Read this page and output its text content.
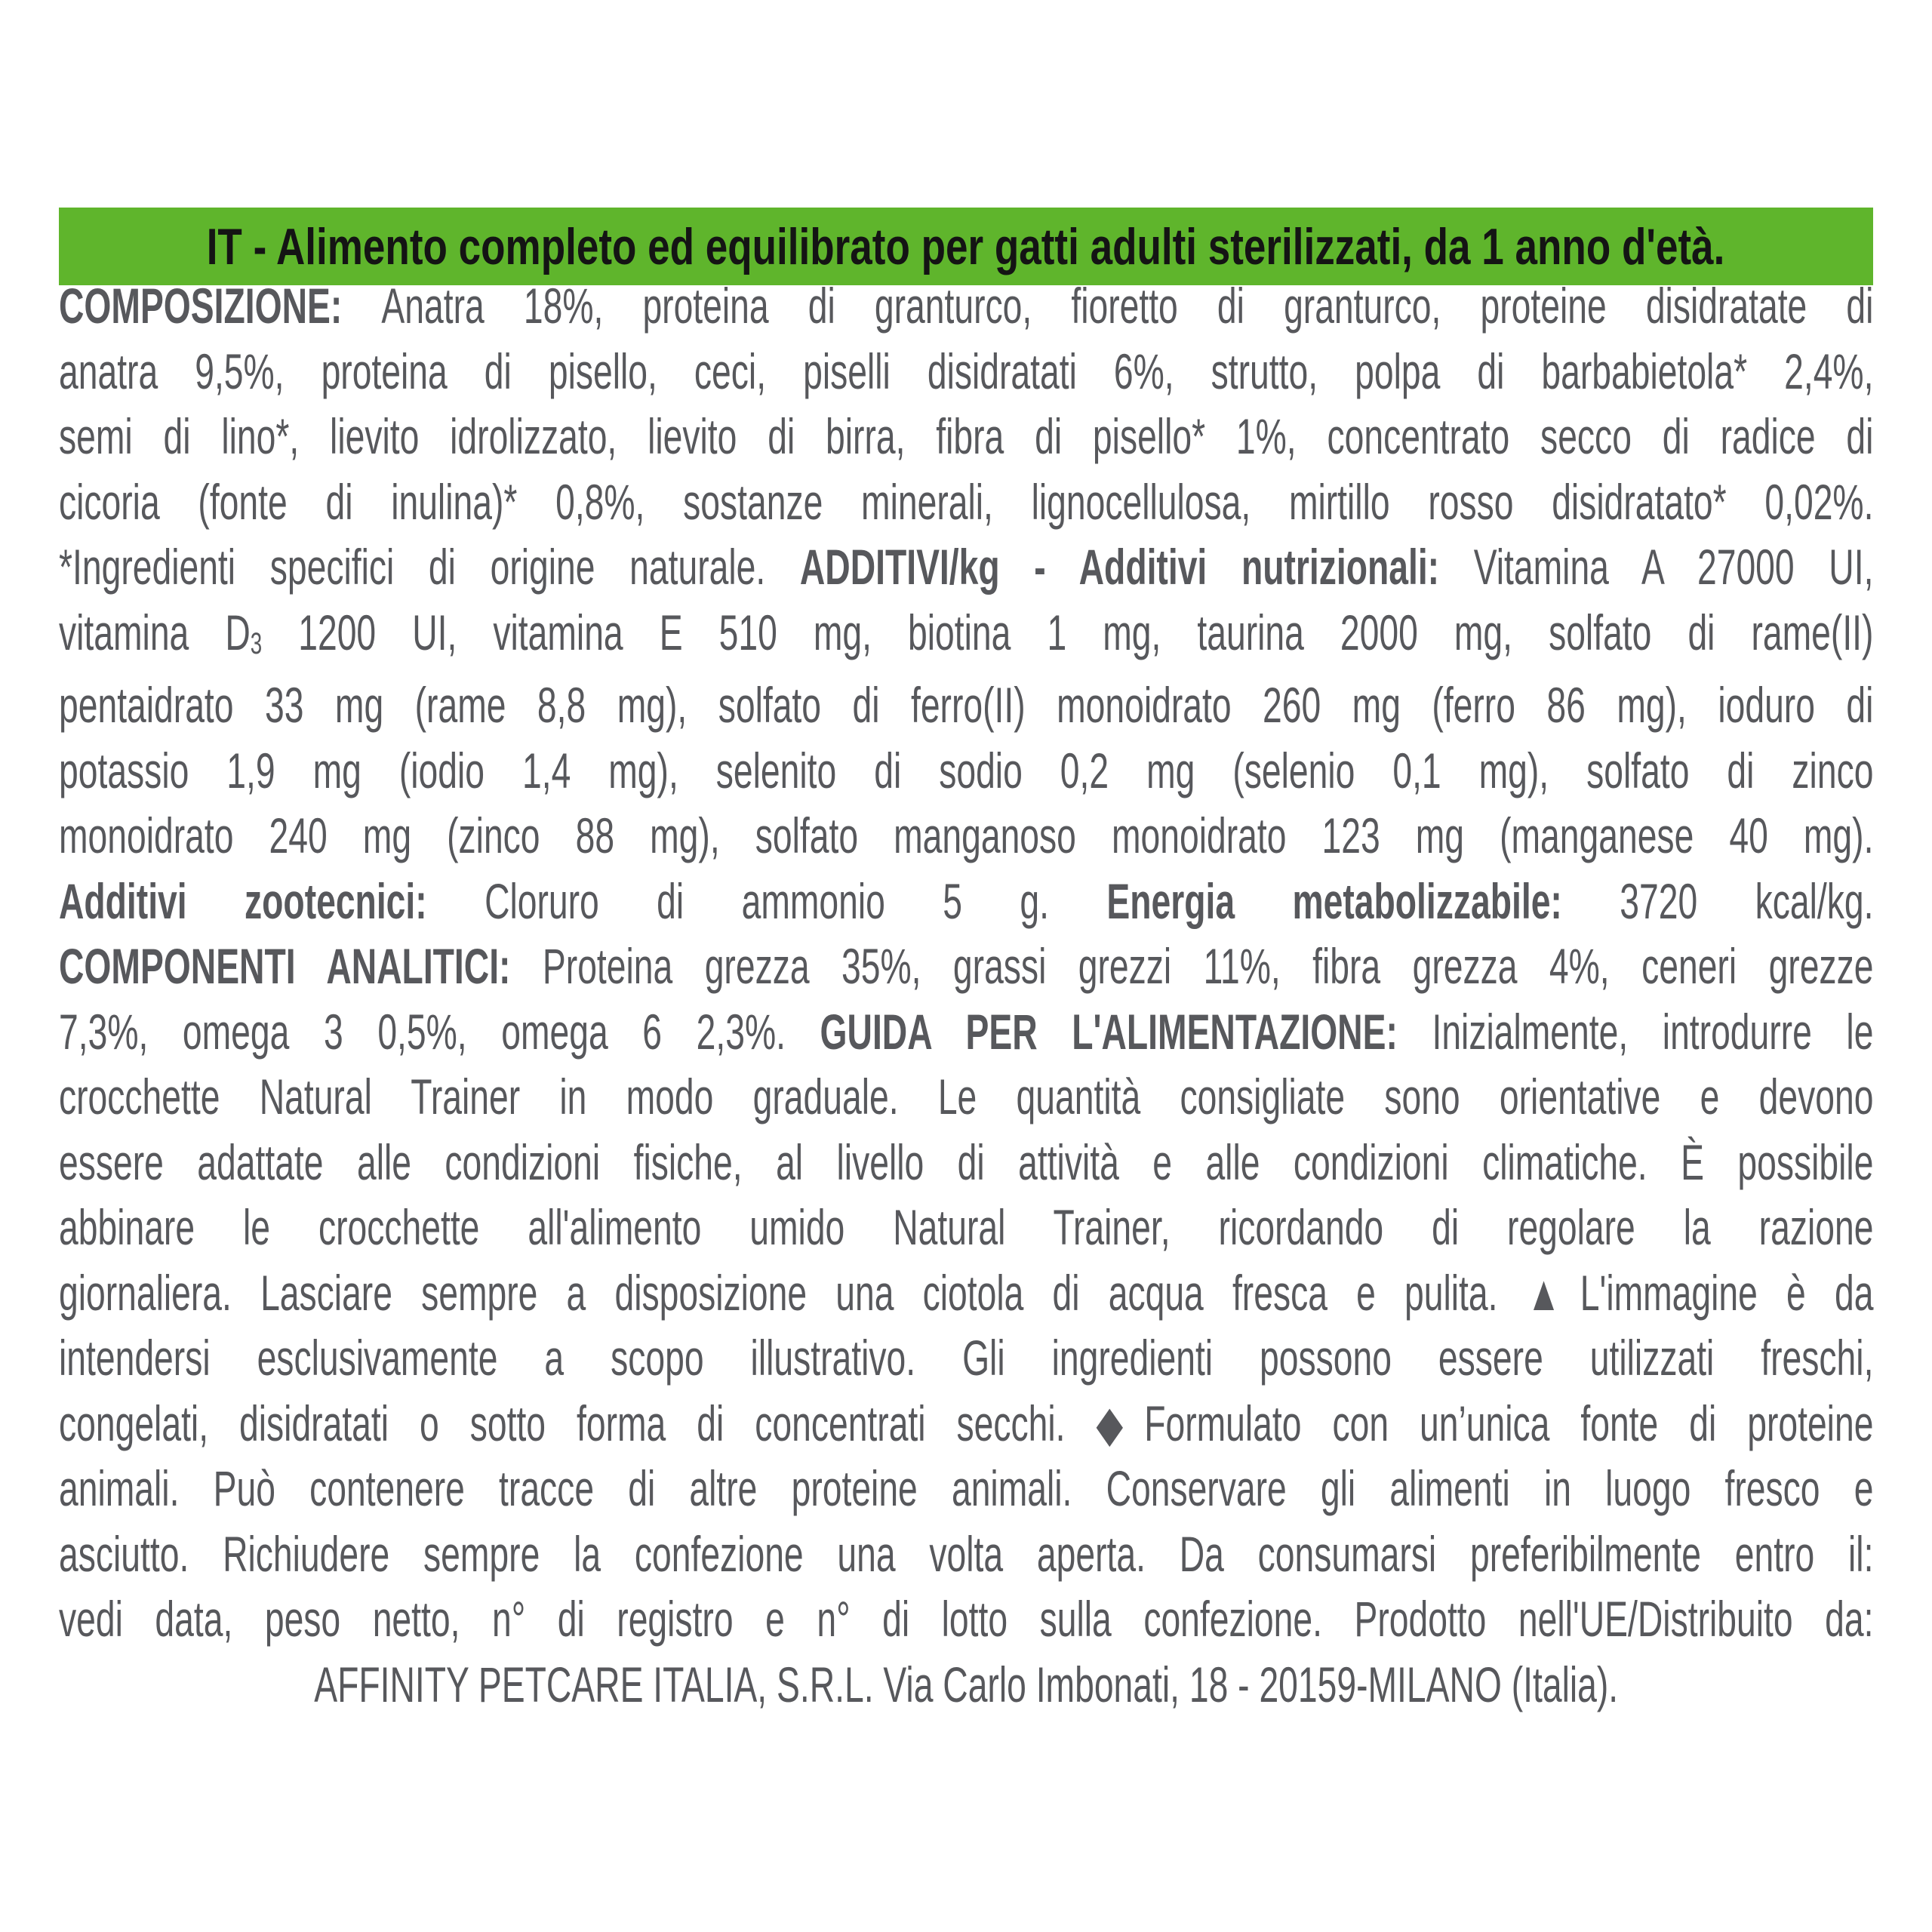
IT - Alimento completo ed equilibrato per gatti adulti sterilizzati, da 1 anno d'età.
COMPOSIZIONE: Anatra 18%, proteina di granturco, fioretto di granturco, proteine disidratate di
anatra 9,5%, proteina di pisello, ceci, piselli disidratati 6%, strutto, polpa di barbabietola* 2,4%,
semi di lino*, lievito idrolizzato, lievito di birra, fibra di pisello* 1%, concentrato secco di radice di
cicoria (fonte di inulina)* 0,8%, sostanze minerali, lignocellulosa, mirtillo rosso disidratato* 0,02%.
*Ingredienti specifici di origine naturale. ADDITIVI/kg - Additivi nutrizionali: Vitamina A 27000 UI,
vitamina D3 1200 UI, vitamina E 510 mg, biotina 1 mg, taurina 2000 mg, solfato di rame(II)
pentaidrato 33 mg (rame 8,8 mg), solfato di ferro(II) monoidrato 260 mg (ferro 86 mg), ioduro di
potassio 1,9 mg (iodio 1,4 mg), selenito di sodio 0,2 mg (selenio 0,1 mg), solfato di zinco
monoidrato 240 mg (zinco 88 mg), solfato manganoso monoidrato 123 mg (manganese 40 mg).
Additivi zootecnici: Cloruro di ammonio 5 g. Energia metabolizzabile: 3720 kcal/kg.
COMPONENTI ANALITICI: Proteina grezza 35%, grassi grezzi 11%, fibra grezza 4%, ceneri grezze
7,3%, omega 3 0,5%, omega 6 2,3%. GUIDA PER L'ALIMENTAZIONE: Inizialmente, introdurre le
crocchette Natural Trainer in modo graduale. Le quantità consigliate sono orientative e devono
essere adattate alle condizioni fisiche, al livello di attività e alle condizioni climatiche. È possibile
abbinare le crocchette all'alimento umido Natural Trainer, ricordando di regolare la razione
giornaliera. Lasciare sempre a disposizione una ciotola di acqua fresca e pulita. ▲L'immagine è da
intendersi esclusivamente a scopo illustrativo. Gli ingredienti possono essere utilizzati freschi,
congelati, disidratati o sotto forma di concentrati secchi. ◆Formulato con un’unica fonte di proteine
animali. Può contenere tracce di altre proteine animali. Conservare gli alimenti in luogo fresco e
asciutto. Richiudere sempre la confezione una volta aperta. Da consumarsi preferibilmente entro il:
vedi data, peso netto, n° di registro e n° di lotto sulla confezione. Prodotto nell'UE/Distribuito da:
AFFINITY PETCARE ITALIA, S.R.L. Via Carlo Imbonati, 18 - 20159-MILANO (Italia).
